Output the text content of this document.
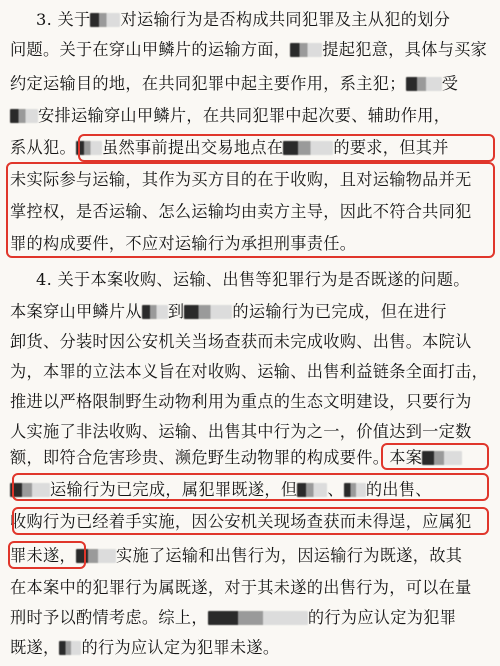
3. 关于 对运输行为是否构成共同犯罪及主从犯的划分
问题。关于在穿山甲鳞片的运输方面， 提起犯意，具体与买家
约定运输目的地，在共同犯罪中起主要作用，系主犯； 受
安排运输穿山甲鳞片，在共同犯罪中起次要、辅助作用，
系从犯。 虽然事前提出交易地点在	的要求，但其并
未实际参与运输，其作为买方目的在于收购，且对运输物品并无
掌控权，是否运输、怎么运输均由卖方主导，因此不符合共同犯
罪的构成要件，不应对运输行为承担刑事责任。
4. 关于本案收购、运输、出售等犯罪行为是否既遂的问题。
本案穿山甲鳞片从 到	的运输行为已完成，但在进行
卸货、分装时因公安机关当场查获而未完成收购、出售。本院认
为，本罪的立法本义旨在对收购、运输、出售利益链条全面打击，
推进以严格限制野生动物利用为重点的生态文明建设，只要行为
人实施了非法收购、运输、出售其中行为之一，价值达到一定数
额，即符合危害珍贵、濒危野生动物罪的构成要件。本案
运输行为已完成，属犯罪既遂，但 、 的出售、
收购行为已经着手实施，因公安机关现场查获而未得逞，应属犯
罪未遂， 实施了运输和出售行为，因运输行为既遂，故其
在本案中的犯罪行为属既遂，对于其未遂的出售行为，可以在量
刑时予以酌情考虑。综上，	的行为应认定为犯罪
既遂， 的行为应认定为犯罪未遂。
